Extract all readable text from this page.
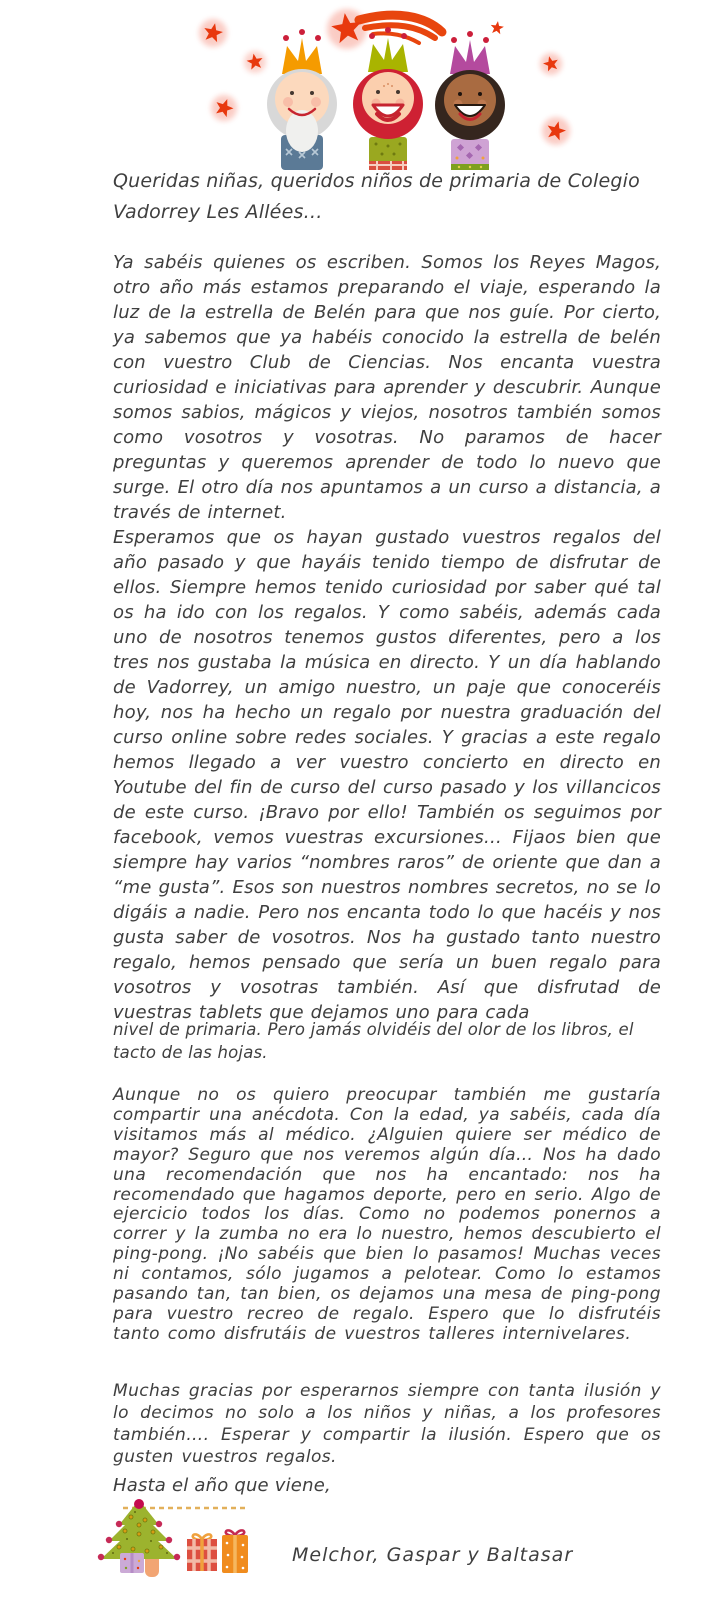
Queridas niñas, queridos niños de primaria de Colegio Vadorrey Les Allées…

Ya sabéis quienes os escriben. Somos los Reyes Magos, otro año más estamos preparando el viaje, esperando la luz de la estrella de Belén para que nos guíe. Por cierto, ya sabemos que ya habéis conocido la estrella de belén con vuestro Club de Ciencias. Nos encanta vuestra curiosidad e iniciativas para aprender y descubrir. Aunque somos sabios, mágicos y viejos, nosotros también somos como vosotros y vosotras. No paramos de hacer preguntas y queremos aprender de todo lo nuevo que surge. El otro día nos apuntamos a un curso a distancia, a través de internet.

Esperamos que os hayan gustado vuestros regalos del año pasado y que hayáis tenido tiempo de disfrutar de ellos. Siempre hemos tenido curiosidad por saber qué tal os ha ido con los regalos. Y como sabéis, además cada uno de nosotros tenemos gustos diferentes, pero a los tres nos gustaba la música en directo. Y un día hablando de Vadorrey, un amigo nuestro, un paje que conoceréis hoy, nos ha hecho un regalo por nuestra graduación del curso online sobre redes sociales. Y gracias a este regalo hemos llegado a ver vuestro concierto en directo en Youtube del fin de curso del curso pasado y los villancicos de este curso. ¡Bravo por ello! También os seguimos por facebook, vemos vuestras excursiones… Fijaos bien que siempre hay varios “nombres raros” de oriente que dan a “me gusta”. Esos son nuestros nombres secretos, no se lo digáis a nadie. Pero nos encanta todo lo que hacéis y nos gusta saber de vosotros. Nos ha gustado tanto nuestro regalo, hemos pensado que sería un buen regalo para vosotros y vosotras también. Así que disfrutad de vuestras tablets que dejamos uno para cada

nivel de primaria. Pero jamás olvidéis del olor de los libros, el tacto de las hojas.
Aunque no os quiero preocupar también me gustaría compartir una anécdota. Con la edad, ya sabéis, cada día visitamos más al médico. ¿Alguien quiere ser médico de mayor? Seguro que nos veremos algún día… Nos ha dado una recomendación que nos ha encantado: nos ha recomendado que hagamos deporte, pero en serio. Algo de ejercicio todos los días. Como no podemos ponernos a correr y la zumba no era lo nuestro, hemos descubierto el ping-pong. ¡No sabéis que bien lo pasamos! Muchas veces ni contamos, sólo jugamos a pelotear. Como lo estamos pasando tan, tan bien, os dejamos una mesa de ping-pong para vuestro recreo de regalo. Espero que lo disfrutéis tanto como disfrutáis de vuestros talleres internivelares.
Muchas gracias por esperarnos siempre con tanta ilusión y lo decimos no solo a los niños y niñas, a los profesores también…. Esperar y compartir la ilusión. Espero que os gusten vuestros regalos.
Hasta el año que viene,
Melchor, Gaspar y Baltasar
